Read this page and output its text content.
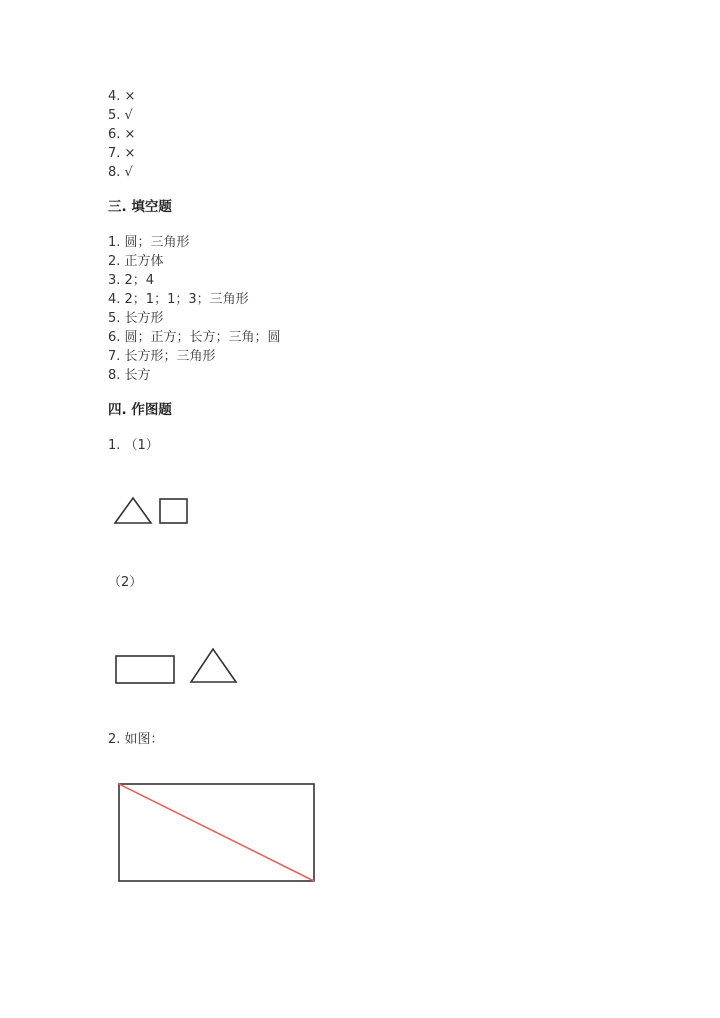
4. ×
5. √
6. ×
7. ×
8. √
三. 填空题
1. 圆；三角形
2. 正方体
3. 2；4
4. 2；1；1；3；三角形
5. 长方形
6. 圆；正方；长方；三角；圆
7. 长方形；三角形
8. 长方
四. 作图题
1. （1）
（2）
2. 如图：
